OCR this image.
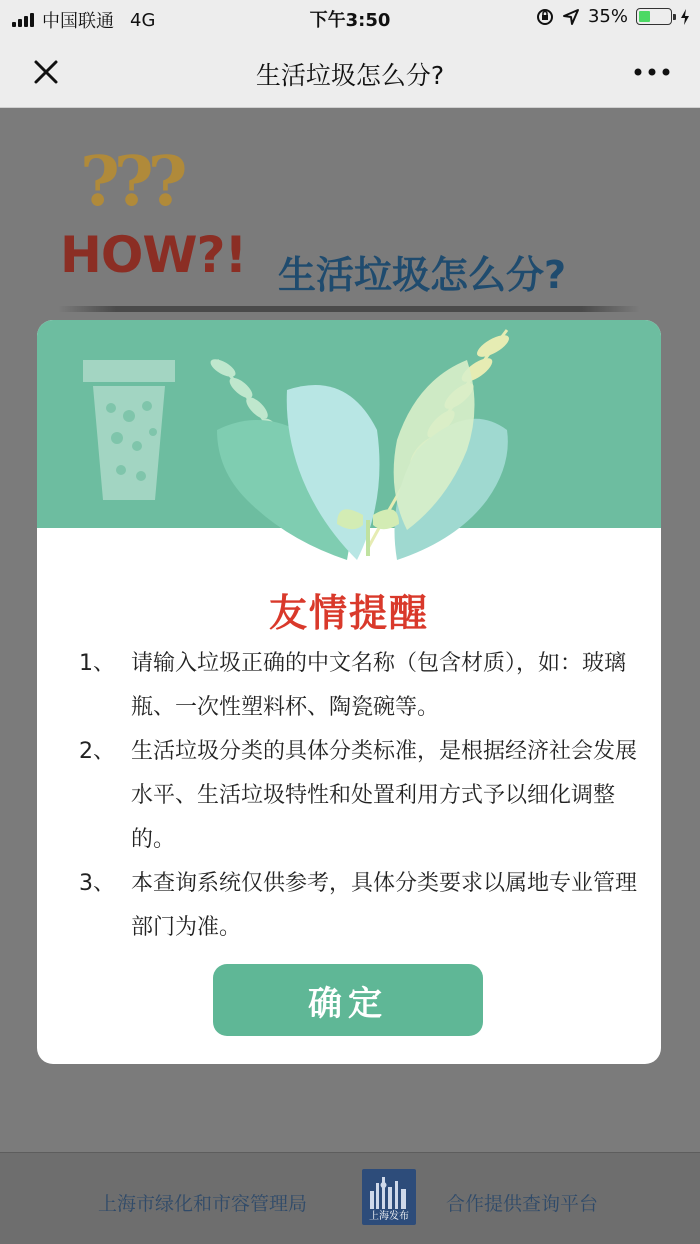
中国联通 4G	下午3:50	35%
生活垃圾怎么分?
???
HOW?! 生活垃圾怎么分?
友情提醒
1、 请输入垃圾正确的中文名称（包含材质），如：玻璃瓶、一次性塑料杯、陶瓷碗等。
2、 生活垃圾分类的具体分类标准，是根据经济社会发展水平、生活垃圾特性和处置利用方式予以细化调整的。
3、 本查询系统仅供参考，具体分类要求以属地专业管理部门为准。
确定
上海市绿化和市容管理局
上海发布
合作提供查询平台
